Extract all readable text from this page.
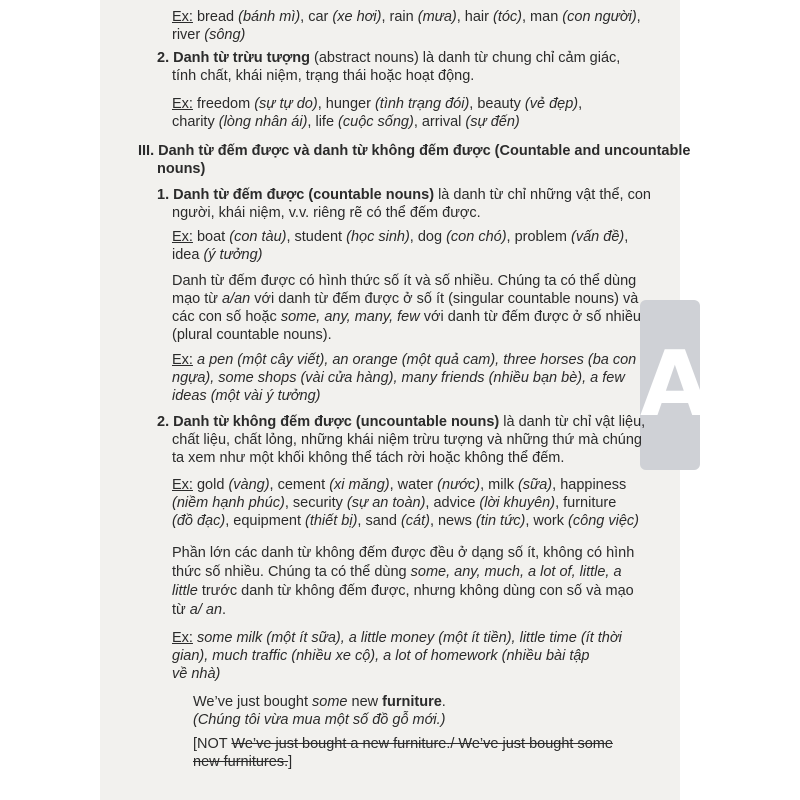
A
Ex: bread (bánh mì), car (xe hơi), rain (mưa), hair (tóc), man (con người),
river (sông)
2. Danh từ trừu tượng (abstract nouns) là danh từ chung chỉ cảm giác,
tính chất, khái niệm, trạng thái hoặc hoạt động.
Ex: freedom (sự tự do), hunger (tình trạng đói), beauty (vẻ đẹp),
charity (lòng nhân ái), life (cuộc sống), arrival (sự đến)
III. Danh từ đếm được và danh từ không đếm được (Countable and uncountable
nouns)
1. Danh từ đếm được (countable nouns) là danh từ chỉ những vật thể, con
người, khái niệm, v.v. riêng rẽ có thể đếm được.
Ex: boat (con tàu), student (học sinh), dog (con chó), problem (vấn đề),
idea (ý tưởng)
Danh từ đếm được có hình thức số ít và số nhiều. Chúng ta có thể dùng
mạo từ a/an với danh từ đếm được ở số ít (singular countable nouns) và
các con số hoặc some, any, many, few với danh từ đếm được ở số nhiều
(plural countable nouns).
Ex: a pen (một cây viết), an orange (một quả cam), three horses (ba con
ngựa), some shops (vài cửa hàng), many friends (nhiều bạn bè), a few
ideas (một vài ý tưởng)
2. Danh từ không đếm được (uncountable nouns) là danh từ chỉ vật liệu,
chất liệu, chất lỏng, những khái niệm trừu tượng và những thứ mà chúng
ta xem như một khối không thể tách rời hoặc không thể đếm.
Ex: gold (vàng), cement (xi măng), water (nước), milk (sữa), happiness
(niềm hạnh phúc), security (sự an toàn), advice (lời khuyên), furniture
(đồ đạc), equipment (thiết bị), sand (cát), news (tin tức), work (công việc)
Phần lớn các danh từ không đếm được đều ở dạng số ít, không có hình
thức số nhiều. Chúng ta có thể dùng some, any, much, a lot of, little, a
little trước danh từ không đếm được, nhưng không dùng con số và mạo
từ a/ an.
Ex: some milk (một ít sữa), a little money (một ít tiền), little time (ít thời
gian), much traffic (nhiều xe cộ), a lot of homework (nhiều bài tập
về nhà)
We’ve just bought some new furniture.
(Chúng tôi vừa mua một số đồ gỗ mới.)
[NOT We’ve just bought a new furniture./ We’ve just bought some
new furnitures.]
